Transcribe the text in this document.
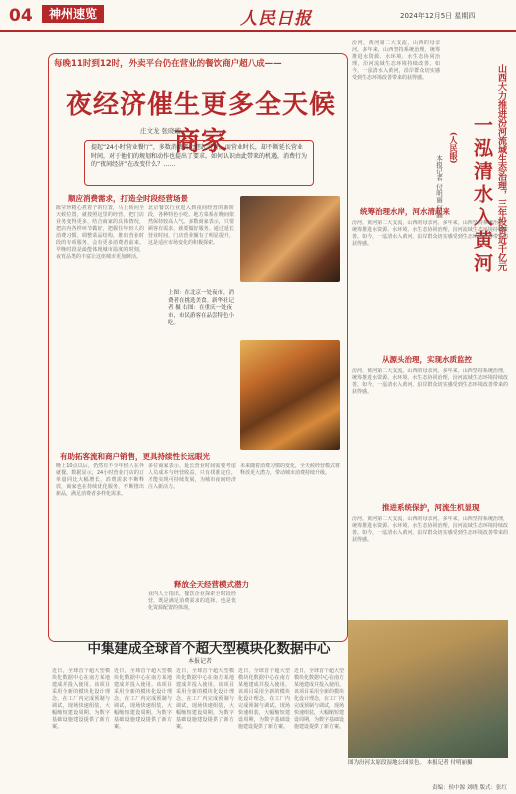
04	神州速览	人民日报	2024年12月5日 星期四
每晚11时到12时，外卖平台仍在营业的餐饮商户超八成——
夜经济催生更多全天候商家
庄文龙 张晓璇
提起“24小时营业餐厅”，多数消费者会想起可宵。而营业时长，却不断延长营业时间，对于他们的规划和动作也提出了要求。如何认识由此带来的机遇，消费行为的“夜间经济”在改变什么？……
顺应消费需求，打造全时段经营场景
陈莹珍精心煮着子的位置，马上转向全天候位置，就按照这里的经营，把门店业务变得更多，结合商家的具体情况，把店内各样环节做好，把握住年轻人的消费习惯，调整菜品结构，推出营业时段的专项服务，会有更多消费者前来。早晚时段是最能体现城市温度的时刻，夜宵品类的丰富让这座城市更加鲜活。
北京餐饮行业进入到夜间经营的新阶段，各种特色小吃、地方菜系在晚间依然保持较高人气。多数商家表示，只要顾客有需求，就要做好服务。通过延长营业时间，门店营业额有了明显提升，这是适应市场变化的积极探索。
上图：在北京一处夜市，消费者在挑选美食。新华社记者 摄 右图：在重庆一处夜市，市民游客在品尝特色小吃。
有助拓客流和商户销售，更具持续性长远眼光
晚上10点以后，仍然有不少年轻人在外就餐。数据显示，24小时营业门店的订单量同比大幅增长，消费需求不断释放，商家也在持续优化服务，不断推出新品，满足消费者多样化需求。
多位商家表示，延长营业时间需要考虑人员成本与经营收益，只有找准定位，才能实现可持续发展，为城市夜间经济注入新活力。
释放全天经营模式潜力
业内人士指出，餐饮企业探索全时段经营，既是满足消费需求的选择，也是优化资源配置的体现。
未来随着消费习惯的变化，全天候经营模式将释放更大潜力，带动城市消费持续升级。
山西大力推进汾河流域生态治理，三年投资近千亿元
一泓清水入黄河
(人民眼)
本报记者 付明丽 何晶
汾河，黄河第二大支流，山西的母亲河。多年来，山西坚持系统治理，统筹推进水资源、水环境、水生态协同治理，汾河流域生态环境持续改善。如今，一泓清水入黄河，沿岸群众切实感受到生态环境改善带来的获得感。
统筹治理水岸，河水清起来
汾河，黄河第二大支流，山西的母亲河。多年来，山西坚持系统治理，统筹推进水资源、水环境、水生态协同治理，汾河流域生态环境持续改善。如今，一泓清水入黄河，沿岸群众切实感受到生态环境改善带来的获得感。
从源头治理，实现水质监控
汾河，黄河第二大支流，山西的母亲河。多年来，山西坚持系统治理，统筹推进水资源、水环境、水生态协同治理，汾河流域生态环境持续改善。如今，一泓清水入黄河，沿岸群众切实感受到生态环境改善带来的获得感。
推进系统保护，河流生机显现
汾河，黄河第二大支流，山西的母亲河。多年来，山西坚持系统治理，统筹推进水资源、水环境、水生态协同治理，汾河流域生态环境持续改善。如今，一泓清水入黄河，沿岸群众切实感受到生态环境改善带来的获得感。
图为汾河太原段湿地公园景色。 本报记者 付明丽摄
中集建成全球首个超大型模块化数据中心
本报记者
近日，全球首个超大型模块化数据中心在南方某地建成并投入使用。该项目采用全新的模块化设计理念，在工厂内完成预制与调试，现场快速组装，大幅缩短建设周期，为数字基础设施建设提供了新方案。
近日，全球首个超大型模块化数据中心在南方某地建成并投入使用。该项目采用全新的模块化设计理念，在工厂内完成预制与调试，现场快速组装，大幅缩短建设周期，为数字基础设施建设提供了新方案。
近日，全球首个超大型模块化数据中心在南方某地建成并投入使用。该项目采用全新的模块化设计理念，在工厂内完成预制与调试，现场快速组装，大幅缩短建设周期，为数字基础设施建设提供了新方案。
近日，全球首个超大型模块化数据中心在南方某地建成并投入使用。该项目采用全新的模块化设计理念，在工厂内完成预制与调试，现场快速组装，大幅缩短建设周期，为数字基础设施建设提供了新方案。
近日，全球首个超大型模块化数据中心在南方某地建成并投入使用。该项目采用全新的模块化设计理念，在工厂内完成预制与调试，现场快速组装，大幅缩短建设周期，为数字基础设施建设提供了新方案。
责编：侯中源 刘晓 版式：张红
